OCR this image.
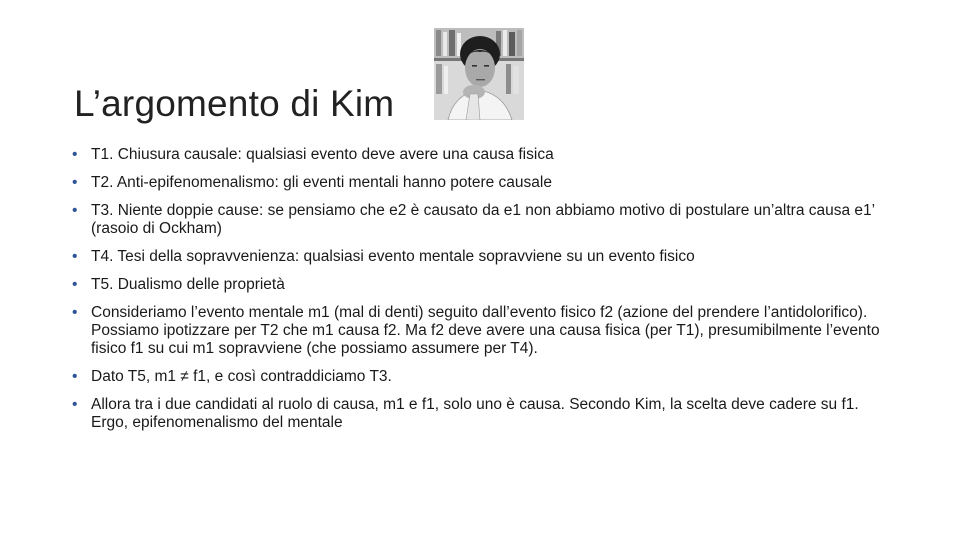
L’argomento di Kim
• T1. Chiusura causale: qualsiasi evento deve avere una causa fisica
• T2. Anti-epifenomenalismo: gli eventi mentali hanno potere causale
• T3. Niente doppie cause: se pensiamo che e2 è causato da e1 non abbiamo motivo di postulare un’altra causa e1’ (rasoio di Ockham)
• T4. Tesi della sopravvenienza: qualsiasi evento mentale sopravviene su un evento fisico
• T5. Dualismo delle proprietà
• Consideriamo l’evento mentale m1 (mal di denti) seguito dall’evento fisico f2 (azione del prendere l’antidolorifico). Possiamo ipotizzare per T2 che m1 causa f2. Ma f2 deve avere una causa fisica (per T1), presumibilmente l’evento fisico f1 su cui m1 sopravviene (che possiamo assumere per T4).
• Dato T5, m1 ≠ f1, e così contraddiciamo T3.
• Allora tra i due candidati al ruolo di causa, m1 e f1, solo uno è causa. Secondo Kim, la scelta deve cadere su f1. Ergo, epifenomenalismo del mentale
